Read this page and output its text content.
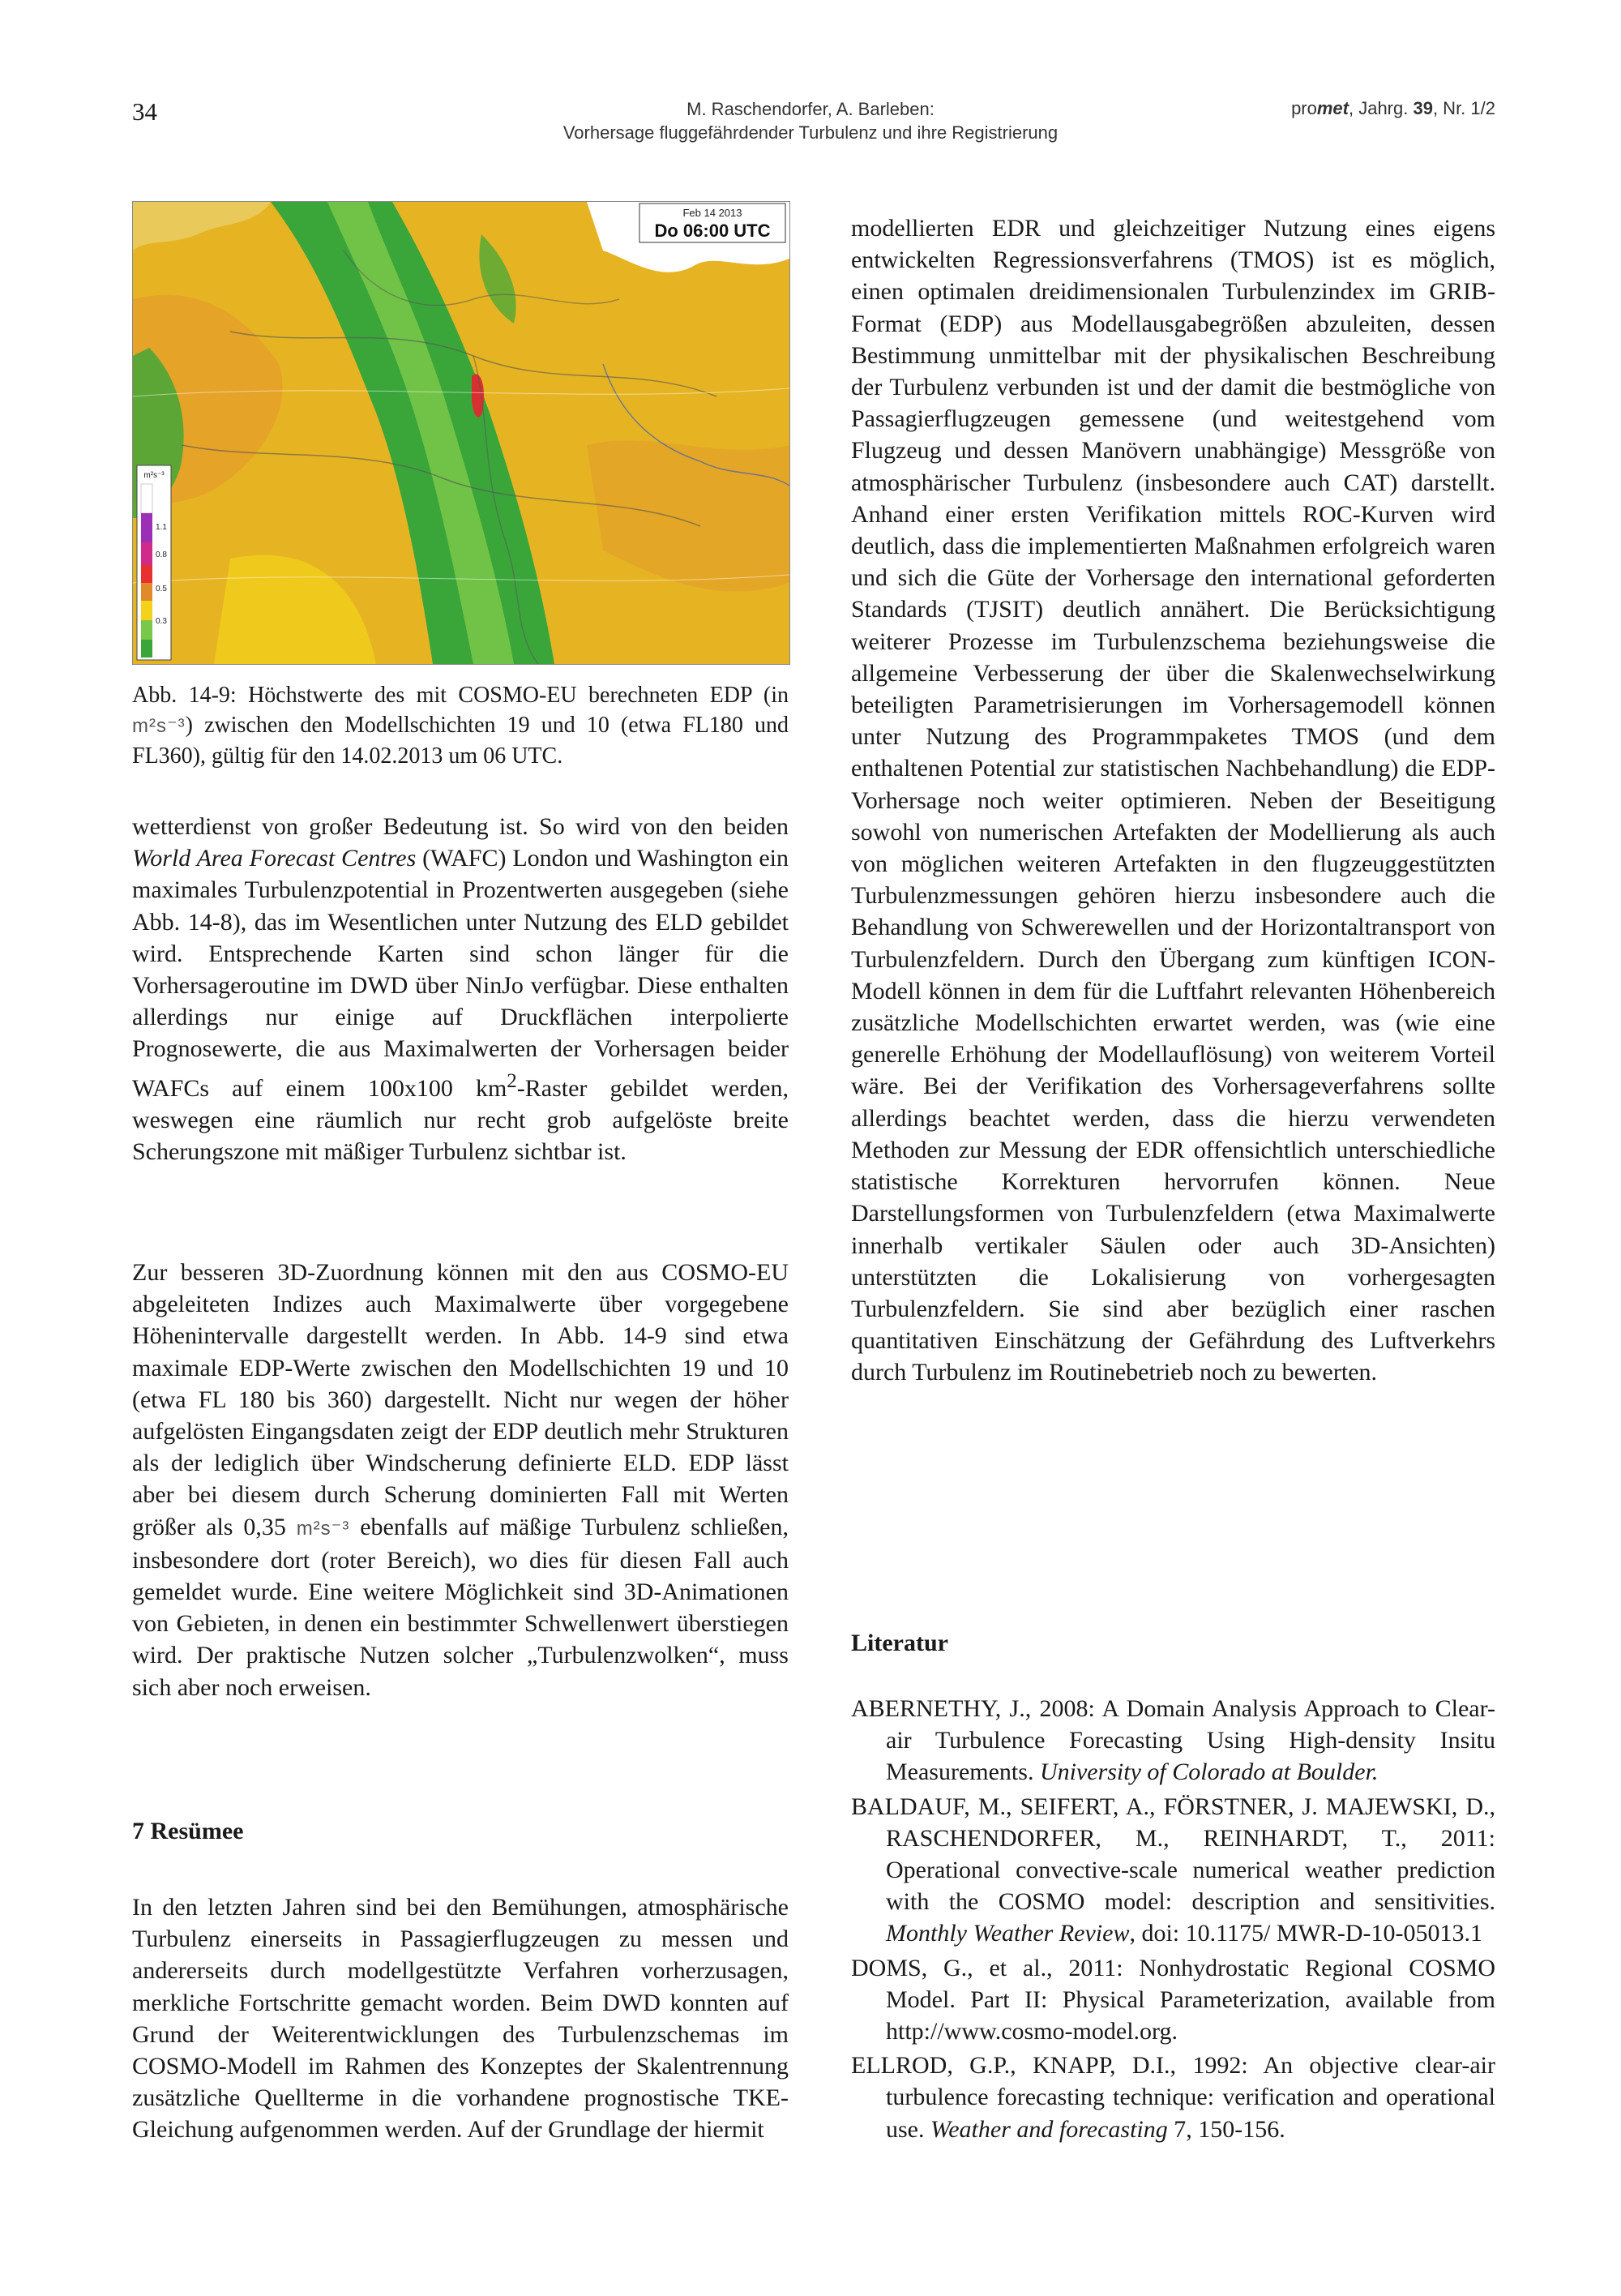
34	M. Raschendorfer, A. Barleben:
Vorhersage fluggefährdender Turbulenz und ihre Registrierung
promet, Jahrg. 39, Nr. 1/2
Feb 14 2013
Do 06:00 UTC
m²s⁻³
1.1
0.8
0.5
0.3
Abb. 14-9: Höchstwerte des mit COSMO-EU berechneten EDP (in m²s⁻³) zwischen den Modellschichten 19 und 10 (etwa FL180 und FL360), gültig für den 14.02.2013 um 06 UTC.

wetterdienst von großer Bedeutung ist. So wird von den beiden World Area Forecast Centres (WAFC) London und Washington ein maximales Turbulenzpotential in Prozentwerten ausgegeben (siehe Abb. 14-8), das im Wesentlichen unter Nutzung des ELD gebildet wird. Entsprechende Karten sind schon länger für die Vorhersageroutine im DWD über NinJo verfügbar. Diese enthalten allerdings nur einige auf Druckflächen interpolierte Prognosewerte, die aus Maximalwerten der Vorhersagen beider WAFCs auf einem 100x100 $km^2$-Raster gebildet werden, weswegen eine räumlich nur recht grob aufgelöste breite Scherungszone mit mäßiger Turbulenz sichtbar ist.

Zur besseren 3D-Zuordnung können mit den aus COSMO-EU abgeleiteten Indizes auch Maximalwerte über vorgegebene Höhenintervalle dargestellt werden. In Abb. 14-9 sind etwa maximale EDP-Werte zwischen den Modellschichten 19 und 10 (etwa FL 180 bis 360) dargestellt. Nicht nur wegen der höher aufgelösten Eingangsdaten zeigt der EDP deutlich mehr Strukturen als der lediglich über Windscherung definierte ELD. EDP lässt aber bei diesem durch Scherung dominierten Fall mit Werten größer als 0,35 m²s⁻³ ebenfalls auf mäßige Turbulenz schließen, insbesondere dort (roter Bereich), wo dies für diesen Fall auch gemeldet wurde. Eine weitere Möglichkeit sind 3D-Animationen von Gebieten, in denen ein bestimmter Schwellenwert überstiegen wird. Der praktische Nutzen solcher „Turbulenzwolken“, muss sich aber noch erweisen.

7 Resümee

In den letzten Jahren sind bei den Bemühungen, atmosphärische Turbulenz einerseits in Passagierflugzeugen zu messen und andererseits durch modellgestützte Verfahren vorherzusagen, merkliche Fortschritte gemacht worden. Beim DWD konnten auf Grund der Weiterentwicklungen des Turbulenzschemas im COSMO-Modell im Rahmen des Konzeptes der Skalentrennung zusätzliche Quellterme in die vorhandene prognostische TKE-Gleichung aufgenommen werden. Auf der Grundlage der hiermit

modellierten EDR und gleichzeitiger Nutzung eines eigens entwickelten Regressionsverfahrens (TMOS) ist es möglich, einen optimalen dreidimensionalen Turbulenzindex im GRIB-Format (EDP) aus Modellausgabegrößen abzuleiten, dessen Bestimmung unmittelbar mit der physikalischen Beschreibung der Turbulenz verbunden ist und der damit die bestmögliche von Passagierflugzeugen gemessene (und weitestgehend vom Flugzeug und dessen Manövern unabhängige) Messgröße von atmosphärischer Turbulenz (insbesondere auch CAT) darstellt. Anhand einer ersten Verifikation mittels ROC-Kurven wird deutlich, dass die implementierten Maßnahmen erfolgreich waren und sich die Güte der Vorhersage den international geforderten Standards (TJSIT) deutlich annähert. Die Berücksichtigung weiterer Prozesse im Turbulenzschema beziehungsweise die allgemeine Verbesserung der über die Skalenwechselwirkung beteiligten Parametrisierungen im Vorhersagemodell können unter Nutzung des Programmpaketes TMOS (und dem enthaltenen Potential zur statistischen Nachbehandlung) die EDP-Vorhersage noch weiter optimieren. Neben der Beseitigung sowohl von numerischen Artefakten der Modellierung als auch von möglichen weiteren Artefakten in den flugzeuggestützten Turbulenzmessungen gehören hierzu insbesondere auch die Behandlung von Schwerewellen und der Horizontaltransport von Turbulenzfeldern. Durch den Übergang zum künftigen ICON-Modell können in dem für die Luftfahrt relevanten Höhenbereich zusätzliche Modellschichten erwartet werden, was (wie eine generelle Erhöhung der Modellauflösung) von weiterem Vorteil wäre. Bei der Verifikation des Vorhersageverfahrens sollte allerdings beachtet werden, dass die hierzu verwendeten Methoden zur Messung der EDR offensichtlich unterschiedliche statistische Korrekturen hervorrufen können. Neue Darstellungsformen von Turbulenzfeldern (etwa Maximalwerte innerhalb vertikaler Säulen oder auch 3D-Ansichten) unterstützten die Lokalisierung von vorhergesagten Turbulenzfeldern. Sie sind aber bezüglich einer raschen quantitativen Einschätzung der Gefährdung des Luftverkehrs durch Turbulenz im Routinebetrieb noch zu bewerten.

Literatur

ABERNETHY, J., 2008: A Domain Analysis Approach to Clear-air Turbulence Forecasting Using High-density Insitu Measurements. University of Colorado at Boulder.

BALDAUF, M., SEIFERT, A., FÖRSTNER, J. MAJEWSKI, D., RASCHENDORFER, M., REINHARDT, T., 2011: Operational convective-scale numerical weather prediction with the COSMO model: description and sensitivities. Monthly Weather Review, doi: 10.1175/ MWR-D-10-05013.1

DOMS, G., et al., 2011: Nonhydrostatic Regional COSMO Model. Part II: Physical Parameterization, available from http://www.cosmo-model.org.

ELLROD, G.P., KNAPP, D.I., 1992: An objective clear-air turbulence forecasting technique: verification and operational use. Weather and forecasting 7, 150-156.
